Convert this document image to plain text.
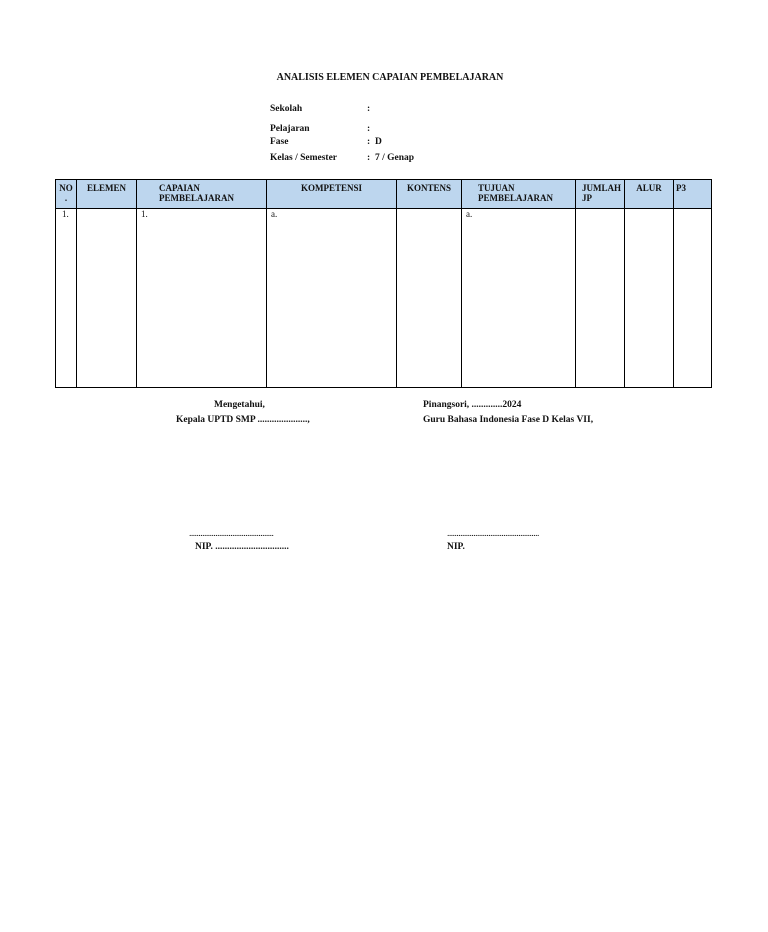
ANALISIS ELEMEN CAPAIAN PEMBELAJARAN
Sekolah	:
Pelajaran	:
Fase	: D
Kelas / Semester	: 7 / Genap
NO .	ELEMEN	CAPAIAN PEMBELAJARAN	KOMPETENSI	KONTENS	TUJUAN PEMBELAJARAN	JUMLAH JP	ALUR	P3
1.		1.	a.		a.			
Mengetahui,
Kepala UPTD SMP .....................,
.............................................
NIP. ...............................
Pinangsori, .............2024
Guru Bahasa Indonesia Fase D Kelas VII,
.................................................
NIP.
